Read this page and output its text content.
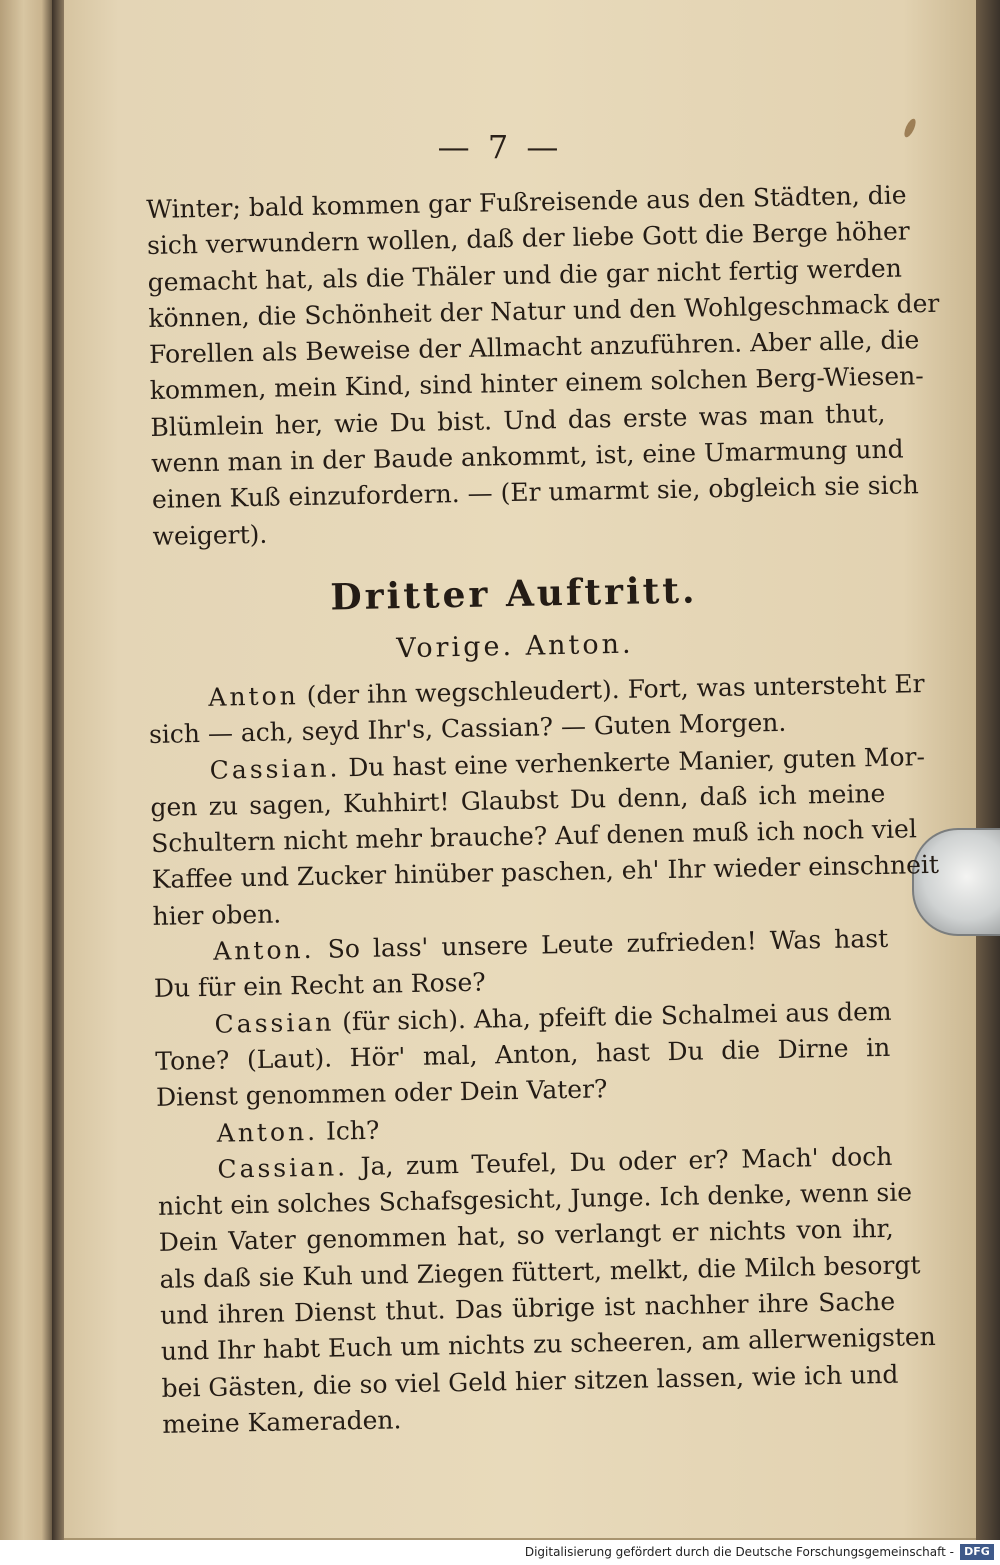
— 7 —
Winter; bald kommen gar Fußreisende aus den Städten, die
sich verwundern wollen, daß der liebe Gott die Berge höher
gemacht hat, als die Thäler und die gar nicht fertig werden
können, die Schönheit der Natur und den Wohlgeschmack der
Forellen als Beweise der Allmacht anzuführen. Aber alle, die
kommen, mein Kind, sind hinter einem solchen Berg-Wiesen-
Blümlein her, wie Du bist. Und das erste was man thut,
wenn man in der Baude ankommt, ist, eine Umarmung und
einen Kuß einzufordern. — (Er umarmt sie, obgleich sie sich
weigert).
Dritter Auftritt.
Vorige. Anton.
Anton (der ihn wegschleudert). Fort, was untersteht Er
sich — ach, seyd Ihr's, Cassian? — Guten Morgen.
Cassian. Du hast eine verhenkerte Manier, guten Mor-
gen zu sagen, Kuhhirt! Glaubst Du denn, daß ich meine
Schultern nicht mehr brauche? Auf denen muß ich noch viel
Kaffee und Zucker hinüber paschen, eh' Ihr wieder einschneit
hier oben.
Anton. So lass' unsere Leute zufrieden! Was hast
Du für ein Recht an Rose?
Cassian (für sich). Aha, pfeift die Schalmei aus dem
Tone? (Laut). Hör' mal, Anton, hast Du die Dirne in
Dienst genommen oder Dein Vater?
Anton. Ich?
Cassian. Ja, zum Teufel, Du oder er? Mach' doch
nicht ein solches Schafsgesicht, Junge. Ich denke, wenn sie
Dein Vater genommen hat, so verlangt er nichts von ihr,
als daß sie Kuh und Ziegen füttert, melkt, die Milch besorgt
und ihren Dienst thut. Das übrige ist nachher ihre Sache
und Ihr habt Euch um nichts zu scheeren, am allerwenigsten
bei Gästen, die so viel Geld hier sitzen lassen, wie ich und
meine Kameraden.
Digitalisierung gefördert durch die Deutsche Forschungsgemeinschaft - DFG
